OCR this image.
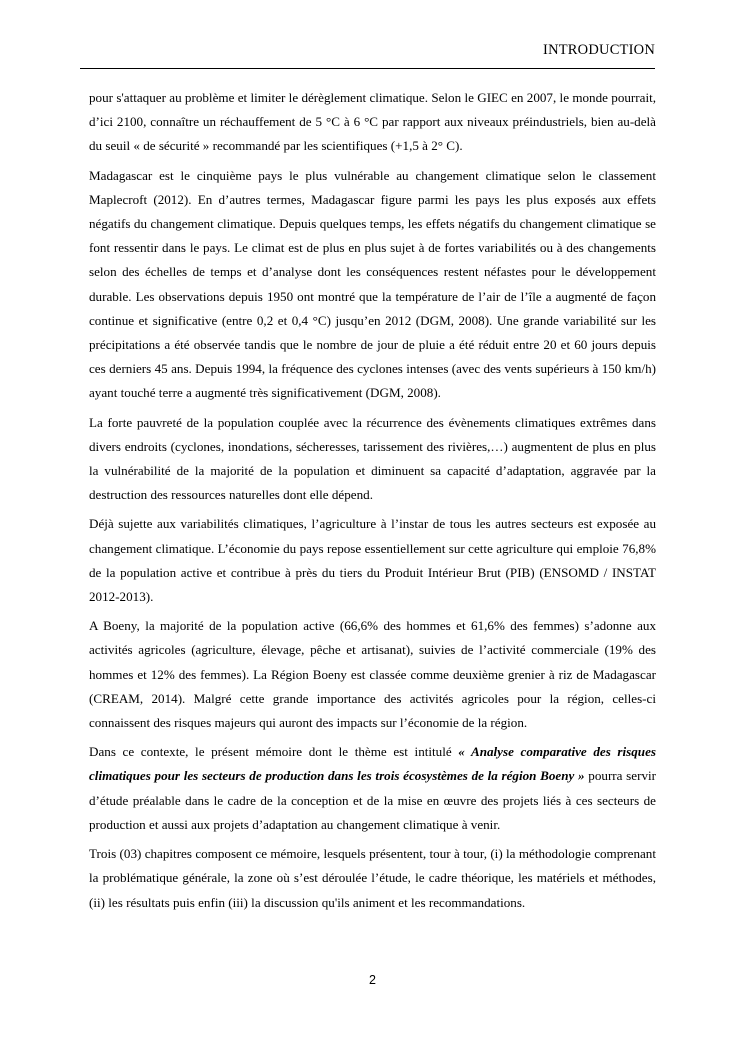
INTRODUCTION

pour s'attaquer au problème et limiter le dérèglement climatique. Selon le GIEC en 2007, le monde pourrait, d’ici 2100, connaître un réchauffement de 5 °C à 6 °C par rapport aux niveaux préindustriels, bien au-delà du seuil « de sécurité » recommandé par les scientifiques (+1,5 à 2° C).

Madagascar est le cinquième pays le plus vulnérable au changement climatique selon le classement Maplecroft (2012). En d’autres termes, Madagascar figure parmi les pays les plus exposés aux effets négatifs du changement climatique. Depuis quelques temps, les effets négatifs du changement climatique se font ressentir dans le pays. Le climat est de plus en plus sujet à de fortes variabilités ou à des changements selon des échelles de temps et d’analyse dont les conséquences restent néfastes pour le développement durable. Les observations depuis 1950 ont montré que la température de l’air de l’île a augmenté de façon continue et significative (entre 0,2 et 0,4 °C) jusqu’en 2012 (DGM, 2008). Une grande variabilité sur les précipitations a été observée tandis que le nombre de jour de pluie a été réduit entre 20 et 60 jours depuis ces derniers 45 ans. Depuis 1994, la fréquence des cyclones intenses (avec des vents supérieurs à 150 km/h) ayant touché terre a augmenté très significativement (DGM, 2008).

La forte pauvreté de la population couplée avec la récurrence des évènements climatiques extrêmes dans divers endroits (cyclones, inondations, sécheresses, tarissement des rivières,…) augmentent de plus en plus la vulnérabilité de la majorité de la population et diminuent sa capacité d’adaptation, aggravée par la destruction des ressources naturelles dont elle dépend.

Déjà sujette aux variabilités climatiques, l’agriculture à l’instar de tous les autres secteurs est exposée au changement climatique. L’économie du pays repose essentiellement sur cette agriculture qui emploie 76,8% de la population active et contribue à près du tiers du Produit Intérieur Brut (PIB) (ENSOMD / INSTAT 2012-2013).

A Boeny, la majorité de la population active (66,6% des hommes et 61,6% des femmes) s’adonne aux activités agricoles (agriculture, élevage, pêche et artisanat), suivies de l’activité commerciale (19% des hommes et 12% des femmes). La Région Boeny est classée comme deuxième grenier à riz de Madagascar (CREAM, 2014). Malgré cette grande importance des activités agricoles pour la région, celles-ci connaissent des risques majeurs qui auront des impacts sur l’économie de la région.

Dans ce contexte, le présent mémoire dont le thème est intitulé « Analyse comparative des risques climatiques pour les secteurs de production dans les trois écosystèmes de la région Boeny » pourra servir d’étude préalable dans le cadre de la conception et de la mise en œuvre des projets liés à ces secteurs de production et aussi aux projets d’adaptation au changement climatique à venir.

Trois (03) chapitres composent ce mémoire, lesquels présentent, tour à tour, (i) la méthodologie comprenant la problématique générale, la zone où s’est déroulée l’étude, le cadre théorique, les matériels et méthodes, (ii) les résultats puis enfin (iii) la discussion qu'ils animent et les recommandations.

2
